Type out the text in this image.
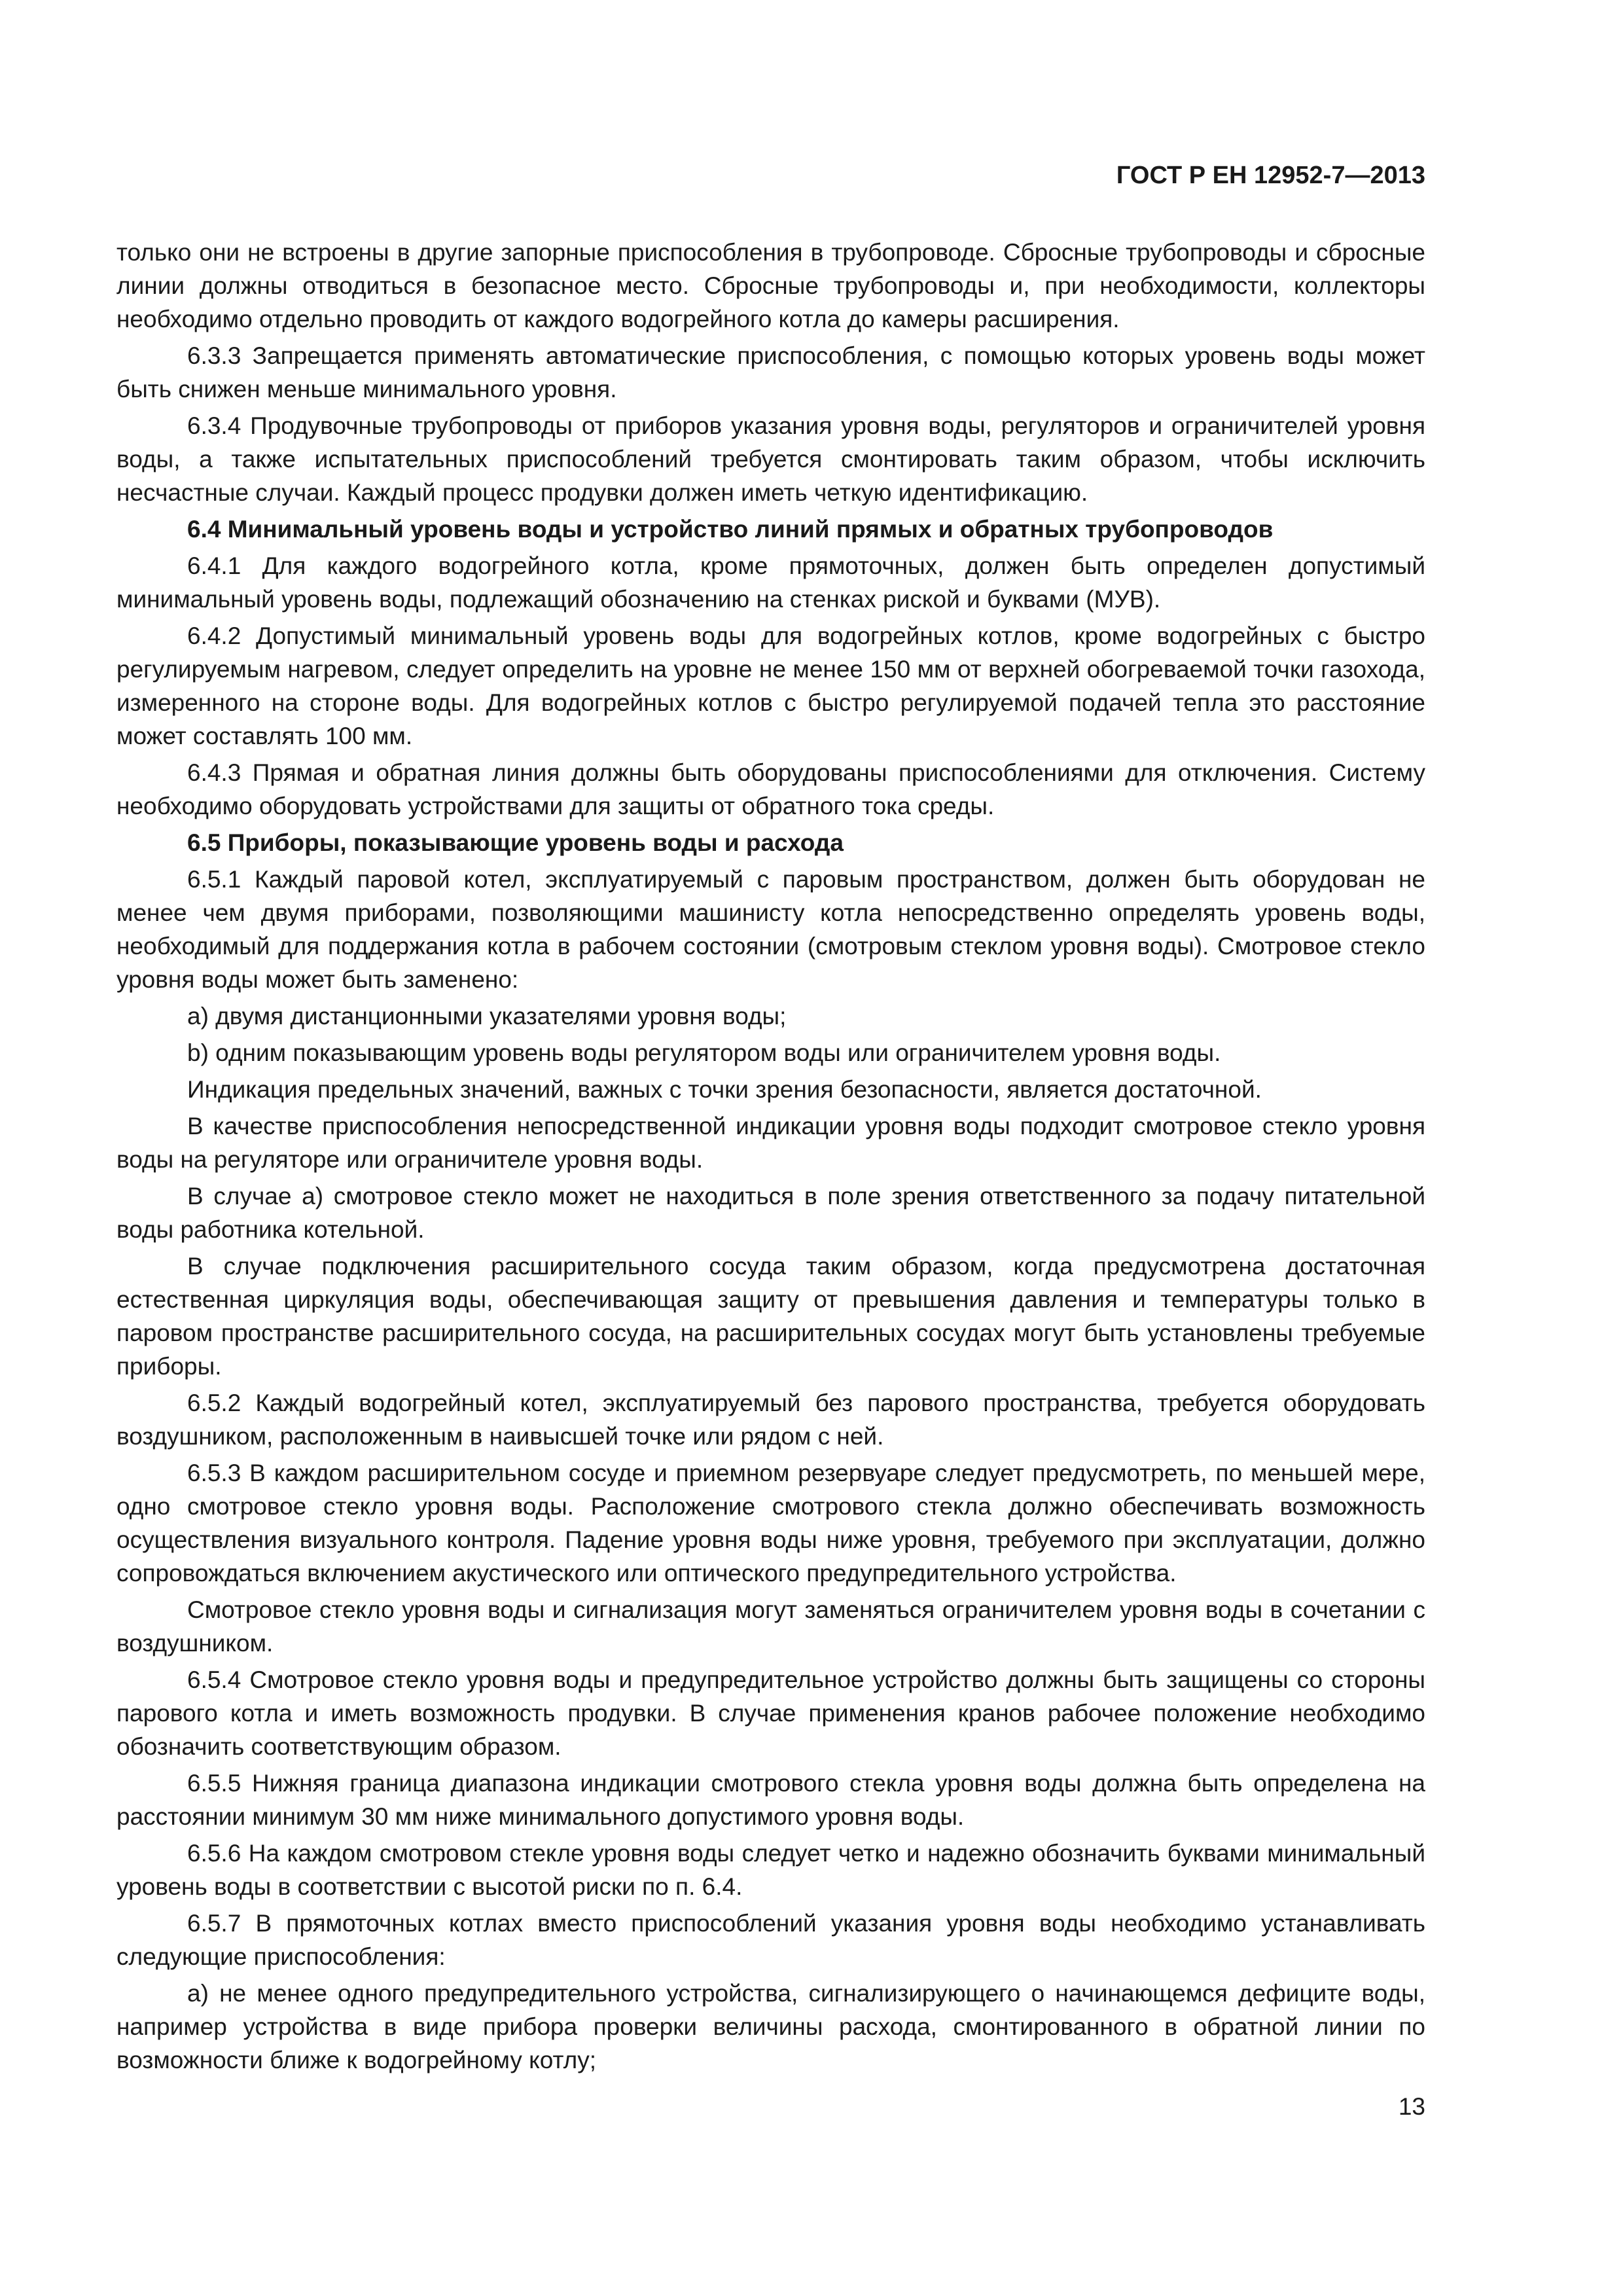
ГОСТ Р ЕН 12952-7—2013

только они не встроены в другие запорные приспособления в трубопроводе. Сбросные трубопроводы и сбросные линии должны отводиться в безопасное место. Сбросные трубопроводы и, при необходимости, коллекторы необходимо отдельно проводить от каждого водогрейного котла до камеры расширения.

6.3.3 Запрещается применять автоматические приспособления, с помощью которых уровень воды может быть снижен меньше минимального уровня.

6.3.4 Продувочные трубопроводы от приборов указания уровня воды, регуляторов и ограничителей уровня воды, а также испытательных приспособлений требуется смонтировать таким образом, чтобы исключить несчастные случаи. Каждый процесс продувки должен иметь четкую идентификацию.

6.4 Минимальный уровень воды и устройство линий прямых и обратных трубопроводов

6.4.1 Для каждого водогрейного котла, кроме прямоточных, должен быть определен допустимый минимальный уровень воды, подлежащий обозначению на стенках риской и буквами (МУВ).

6.4.2 Допустимый минимальный уровень воды для водогрейных котлов, кроме водогрейных с быстро регулируемым нагревом, следует определить на уровне не менее 150 мм от верхней обогреваемой точки газохода, измеренного на стороне воды. Для водогрейных котлов с быстро регулируемой подачей тепла это расстояние может составлять 100 мм.

6.4.3 Прямая и обратная линия должны быть оборудованы приспособлениями для отключения. Систему необходимо оборудовать устройствами для защиты от обратного тока среды.

6.5 Приборы, показывающие уровень воды и расхода

6.5.1 Каждый паровой котел, эксплуатируемый с паровым пространством, должен быть оборудован не менее чем двумя приборами, позволяющими машинисту котла непосредственно определять уровень воды, необходимый для поддержания котла в рабочем состоянии (смотровым стеклом уровня воды). Смотровое стекло уровня воды может быть заменено:

a) двумя дистанционными указателями уровня воды;

b) одним показывающим уровень воды регулятором воды или ограничителем уровня воды.

Индикация предельных значений, важных с точки зрения безопасности, является достаточной.

В качестве приспособления непосредственной индикации уровня воды подходит смотровое стекло уровня воды на регуляторе или ограничителе уровня воды.

В случае а) смотровое стекло может не находиться в поле зрения ответственного за подачу питательной воды работника котельной.

В случае подключения расширительного сосуда таким образом, когда предусмотрена достаточная естественная циркуляция воды, обеспечивающая защиту от превышения давления и температуры только в паровом пространстве расширительного сосуда, на расширительных сосудах могут быть установлены требуемые приборы.

6.5.2 Каждый водогрейный котел, эксплуатируемый без парового пространства, требуется оборудовать воздушником, расположенным в наивысшей точке или рядом с ней.

6.5.3 В каждом расширительном сосуде и приемном резервуаре следует предусмотреть, по меньшей мере, одно смотровое стекло уровня воды. Расположение смотрового стекла должно обеспечивать возможность осуществления визуального контроля. Падение уровня воды ниже уровня, требуемого при эксплуатации, должно сопровождаться включением акустического или оптического предупредительного устройства.

Смотровое стекло уровня воды и сигнализация могут заменяться ограничителем уровня воды в сочетании с воздушником.

6.5.4 Смотровое стекло уровня воды и предупредительное устройство должны быть защищены со стороны парового котла и иметь возможность продувки. В случае применения кранов рабочее положение необходимо обозначить соответствующим образом.

6.5.5 Нижняя граница диапазона индикации смотрового стекла уровня воды должна быть определена на расстоянии минимум 30 мм ниже минимального допустимого уровня воды.

6.5.6 На каждом смотровом стекле уровня воды следует четко и надежно обозначить буквами минимальный уровень воды в соответствии с высотой риски по п. 6.4.

6.5.7 В прямоточных котлах вместо приспособлений указания уровня воды необходимо устанавливать следующие приспособления:

a) не менее одного предупредительного устройства, сигнализирующего о начинающемся дефиците воды, например устройства в виде прибора проверки величины расхода, смонтированного в обратной линии по возможности ближе к водогрейному котлу;

13
